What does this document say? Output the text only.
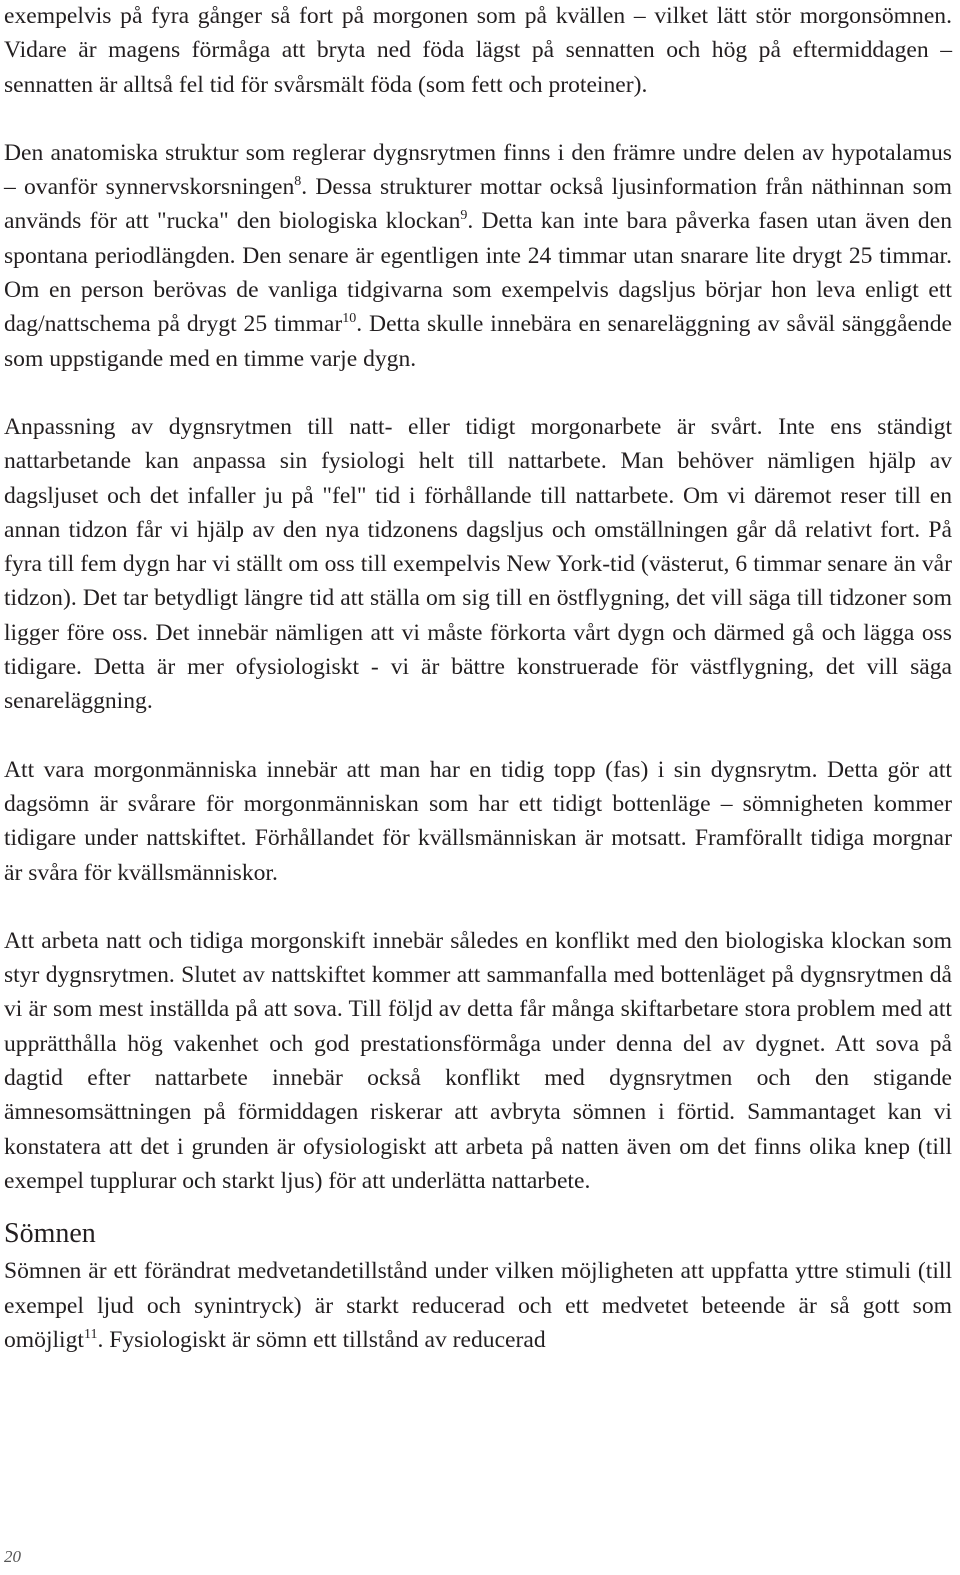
exempelvis på fyra gånger så fort på morgonen som på kvällen – vilket lätt stör morgonsömnen. Vidare är magens förmåga att bryta ned föda lägst på sennatten och hög på eftermiddagen – sennatten är alltså fel tid för svårsmält föda (som fett och proteiner).

Den anatomiska struktur som reglerar dygnsrytmen finns i den främre undre delen av hypotalamus – ovanför synnervskorsningen$^8$. Dessa strukturer mottar också ljusinformation från näthinnan som används för att "rucka" den biologiska klockan$^9$. Detta kan inte bara påverka fasen utan även den spontana periodlängden. Den senare är egentligen inte 24 timmar utan snarare lite drygt 25 timmar. Om en person berövas de vanliga tidgivarna som exempelvis dagsljus börjar hon leva enligt ett dag/nattschema på drygt 25 timmar$^{10}$. Detta skulle innebära en senareläggning av såväl sänggående som uppstigande med en timme varje dygn.

Anpassning av dygnsrytmen till natt- eller tidigt morgonarbete är svårt. Inte ens ständigt nattarbetande kan anpassa sin fysiologi helt till nattarbete. Man behöver nämligen hjälp av dagsljuset och det infaller ju på "fel" tid i förhållande till nattarbete. Om vi däremot reser till en annan tidzon får vi hjälp av den nya tidzonens dagsljus och omställningen går då relativt fort. På fyra till fem dygn har vi ställt om oss till exempelvis New York-tid (västerut, 6 timmar senare än vår tidzon). Det tar betydligt längre tid att ställa om sig till en östflygning, det vill säga till tidzoner som ligger före oss. Det innebär nämligen att vi måste förkorta vårt dygn och därmed gå och lägga oss tidigare. Detta är mer ofysiologiskt - vi är bättre konstruerade för västflygning, det vill säga senareläggning.

Att vara morgonmänniska innebär att man har en tidig topp (fas) i sin dygnsrytm. Detta gör att dagsömn är svårare för morgonmänniskan som har ett tidigt bottenläge – sömnigheten kommer tidigare under nattskiftet. Förhållandet för kvällsmänniskan är motsatt. Framförallt tidiga morgnar är svåra för kvällsmänniskor.

Att arbeta natt och tidiga morgonskift innebär således en konflikt med den biologiska klockan som styr dygnsrytmen. Slutet av nattskiftet kommer att sammanfalla med bottenläget på dygnsrytmen då vi är som mest inställda på att sova. Till följd av detta får många skiftarbetare stora problem med att upprätthålla hög vakenhet och god prestationsförmåga under denna del av dygnet. Att sova på dagtid efter nattarbete innebär också konflikt med dygnsrytmen och den stigande ämnesomsättningen på förmiddagen riskerar att avbryta sömnen i förtid. Sammantaget kan vi konstatera att det i grunden är ofysiologiskt att arbeta på natten även om det finns olika knep (till exempel tupplurar och starkt ljus) för att underlätta nattarbete.

Sömnen

Sömnen är ett förändrat medvetandetillstånd under vilken möjligheten att uppfatta yttre stimuli (till exempel ljud och synintryck) är starkt reducerad och ett medvetet beteende är så gott som omöjligt$^{11}$. Fysiologiskt är sömn ett tillstånd av reducerad

20
